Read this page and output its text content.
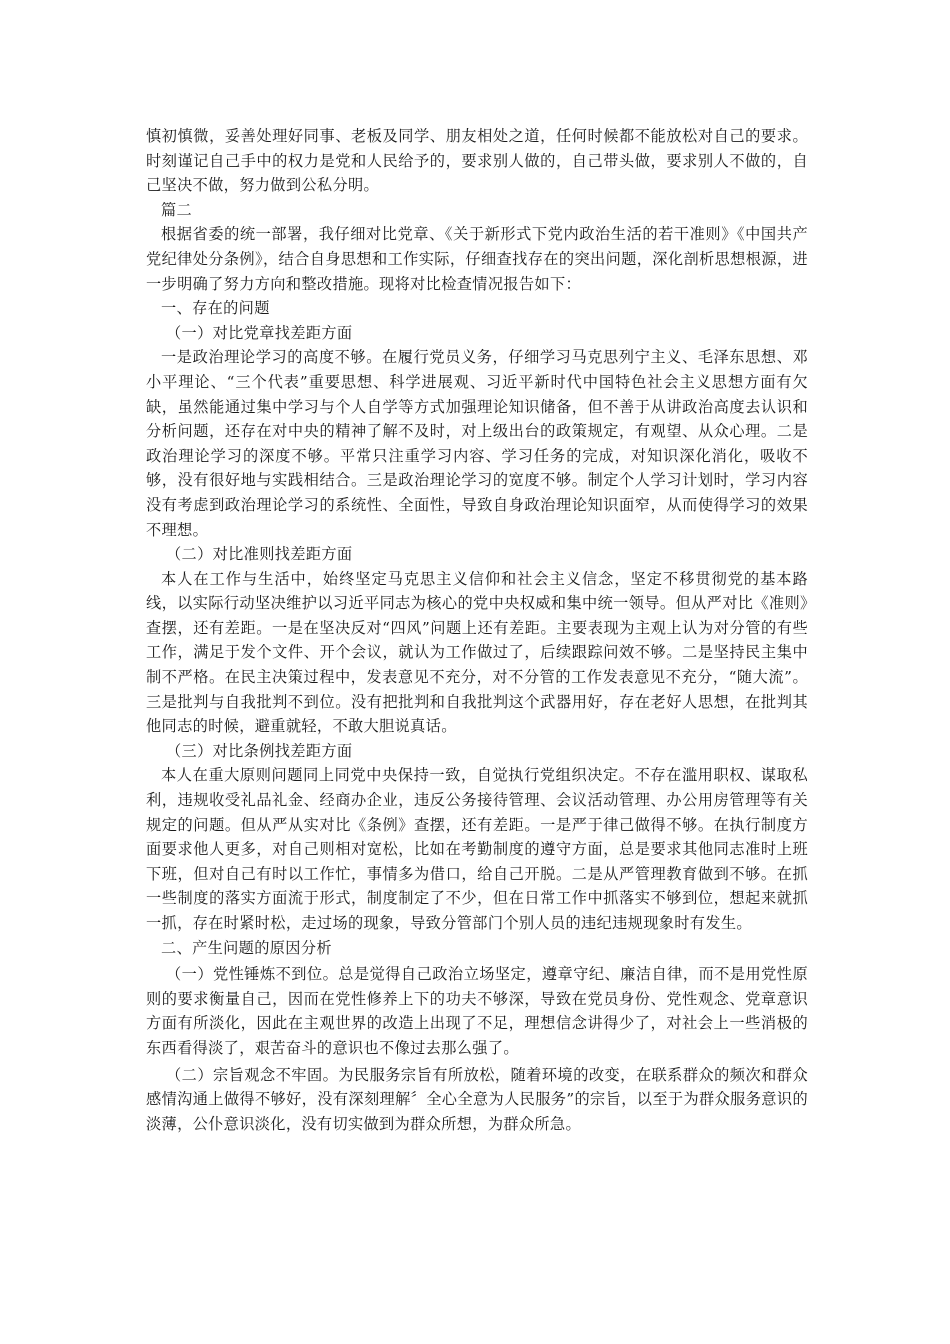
慎初慎微，妥善处理好同事、老板及同学、朋友相处之道，任何时候都不能放松对自己的要求。时刻谨记自己手中的权力是党和人民给予的，要求别人做的，自己带头做，要求别人不做的，自己坚决不做，努力做到公私分明。

篇二

根据省委的统一部署，我仔细对比党章、《关于新形式下党内政治生活的若干准则》《中国共产党纪律处分条例》，结合自身思想和工作实际，仔细查找存在的突出问题，深化剖析思想根源，进一步明确了努力方向和整改措施。现将对比检查情况报告如下：

一、存在的问题

（一）对比党章找差距方面

一是政治理论学习的高度不够。在履行党员义务，仔细学习马克思列宁主义、毛泽东思想、邓小平理论、“三个代表”重要思想、科学进展观、习近平新时代中国特色社会主义思想方面有欠缺，虽然能通过集中学习与个人自学等方式加强理论知识储备，但不善于从讲政治高度去认识和分析问题，还存在对中央的精神了解不及时，对上级出台的政策规定，有观望、从众心理。二是政治理论学习的深度不够。平常只注重学习内容、学习任务的完成，对知识深化消化，吸收不够，没有很好地与实践相结合。三是政治理论学习的宽度不够。制定个人学习计划时，学习内容没有考虑到政治理论学习的系统性、全面性，导致自身政治理论知识面窄，从而使得学习的效果不理想。

（二）对比准则找差距方面

本人在工作与生活中，始终坚定马克思主义信仰和社会主义信念，坚定不移贯彻党的基本路线，以实际行动坚决维护以习近平同志为核心的党中央权威和集中统一领导。但从严对比《准则》查摆，还有差距。一是在坚决反对“四风”问题上还有差距。主要表现为主观上认为对分管的有些工作，满足于发个文件、开个会议，就认为工作做过了，后续跟踪问效不够。二是坚持民主集中制不严格。在民主决策过程中，发表意见不充分，对不分管的工作发表意见不充分，“随大流”。三是批判与自我批判不到位。没有把批判和自我批判这个武器用好，存在老好人思想，在批判其他同志的时候，避重就轻，不敢大胆说真话。

（三）对比条例找差距方面

本人在重大原则问题同上同党中央保持一致，自觉执行党组织决定。不存在滥用职权、谋取私利，违规收受礼品礼金、经商办企业，违反公务接待管理、会议活动管理、办公用房管理等有关规定的问题。但从严从实对比《条例》查摆，还有差距。一是严于律己做得不够。在执行制度方面要求他人更多，对自己则相对宽松，比如在考勤制度的遵守方面，总是要求其他同志准时上班下班，但对自己有时以工作忙，事情多为借口，给自己开脱。二是从严管理教育做到不够。在抓一些制度的落实方面流于形式，制度制定了不少，但在日常工作中抓落实不够到位，想起来就抓一抓，存在时紧时松，走过场的现象，导致分管部门个别人员的违纪违规现象时有发生。

二、产生问题的原因分析

（一）党性锤炼不到位。总是觉得自己政治立场坚定，遵章守纪、廉洁自律，而不是用党性原则的要求衡量自己，因而在党性修养上下的功夫不够深，导致在党员身份、党性观念、党章意识方面有所淡化，因此在主观世界的改造上出现了不足，理想信念讲得少了，对社会上一些消极的东西看得淡了，艰苦奋斗的意识也不像过去那么强了。

（二）宗旨观念不牢固。为民服务宗旨有所放松，随着环境的改变，在联系群众的频次和群众感情沟通上做得不够好，没有深刻理解〞全心全意为人民服务”的宗旨，以至于为群众服务意识的淡薄，公仆意识淡化，没有切实做到为群众所想，为群众所急。
